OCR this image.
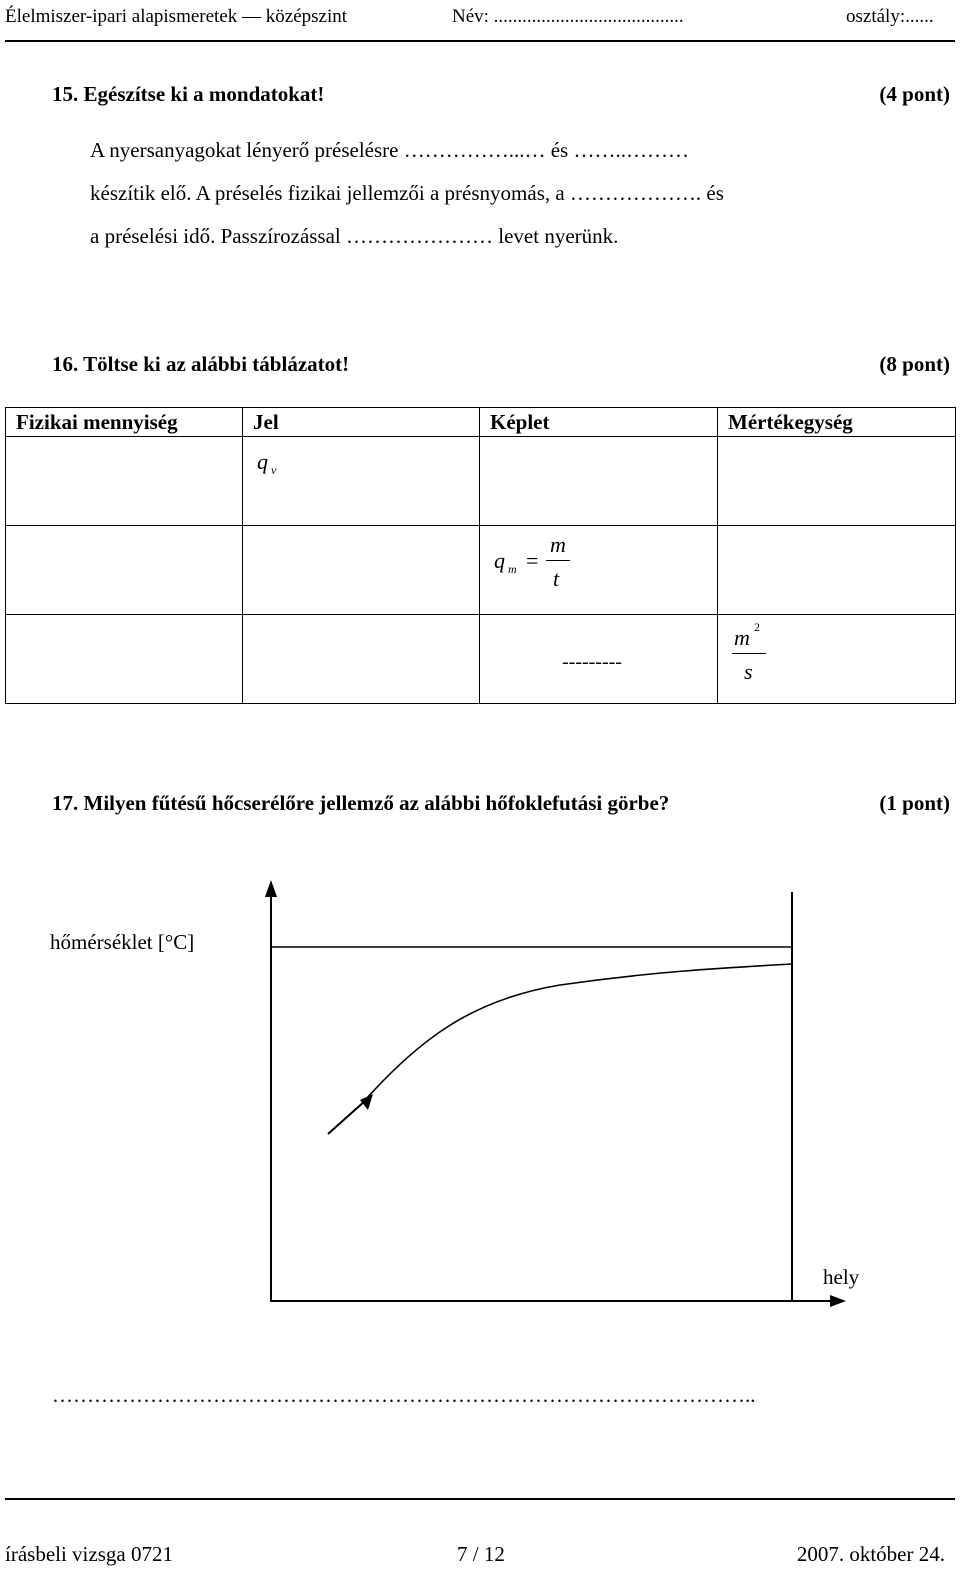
Élelmiszer-ipari alapismeretek — középszint	Név: ........................................	osztály:......
15. Egészítse ki a mondatokat!	(4 pont)
A nyersanyagokat lényerő préselésre ……………...… és ……..………
készítik elő. A préselés fizikai jellemzői a présnyomás, a ………………. és
a préselési idő. Passzírozással ………………… levet nyerünk.
16. Töltse ki az alábbi táblázatot!	(8 pont)
Fizikai mennyiség	Jel	Képlet	Mértékegység

	q v		

		q m =
m
t	

		---------	m 2
s
17. Milyen fűtésű hőcserélőre jellemző az alábbi hőfoklefutási görbe?	(1 pont)
hőmérséklet [°C]
hely
………………………………………………………………………………………..
írásbeli vizsga 0721	7 / 12	2007. október 24.
